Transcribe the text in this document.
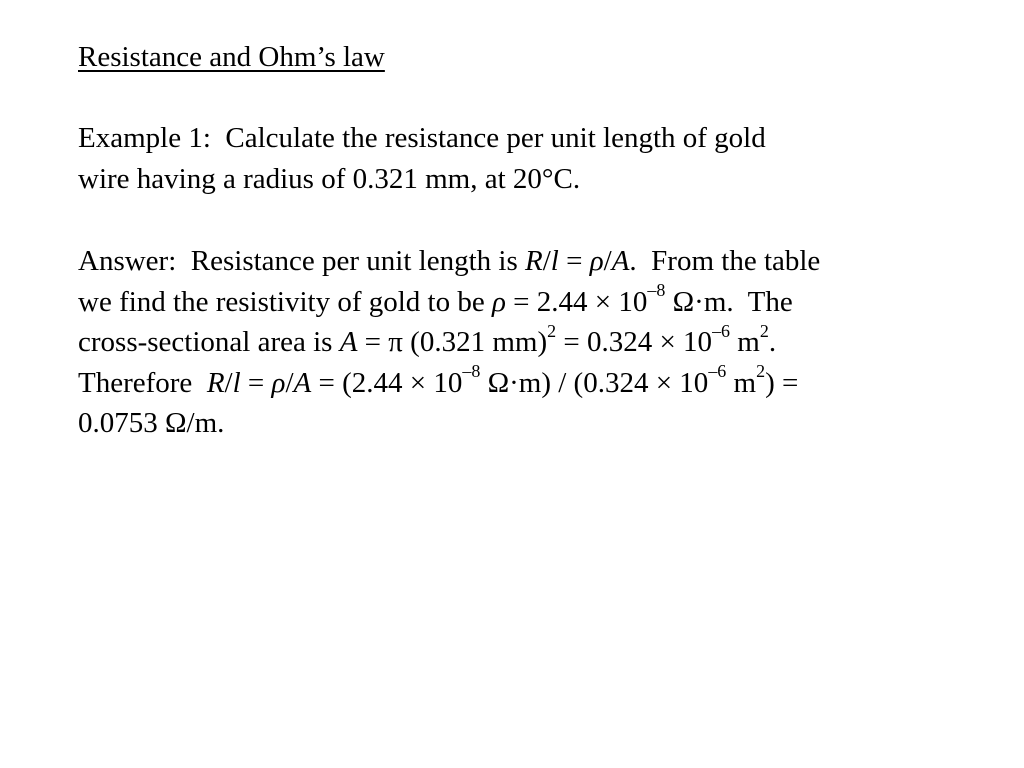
Resistance and Ohm’s law
Example 1: Calculate the resistance per unit length of gold
wire having a radius of 0.321 mm, at 20°C.
Answer: Resistance per unit length is R/l = ρ/A.  From the table
we find the resistivity of gold to be $\rho = 2.44 \times 10^{-8}$ Ω·m. The
cross-sectional area is A = π (0.321 $mm)^2 = 0.324 \times 10^{-6}$ $m^2$.
Therefore $R/l = \rho/A = (2.44 \times 10^{-8}$ $\Omega\cdot m) / (0.324 \times 10^{-6}$ $m^2$) =
0.0753 Ω/m.
